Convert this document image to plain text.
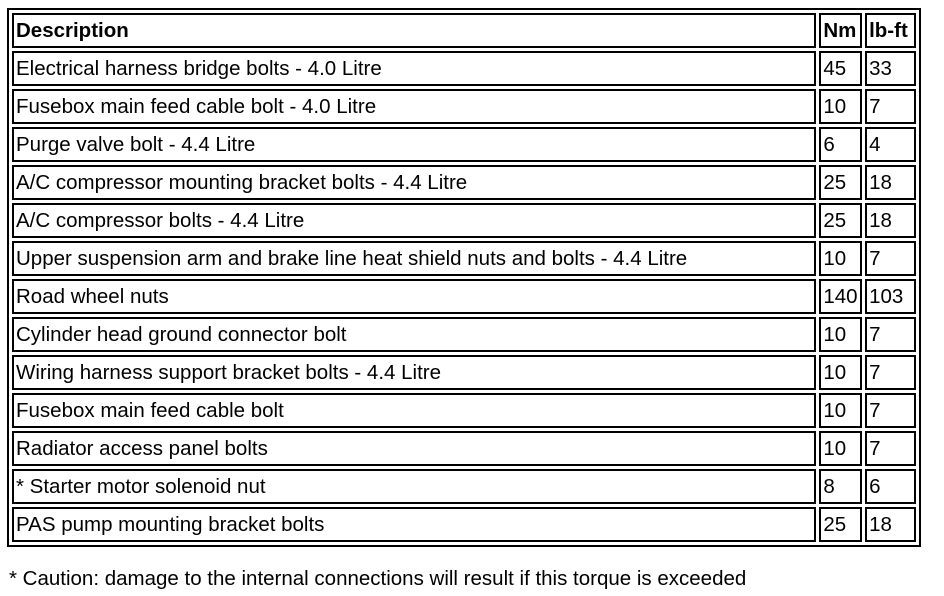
Description	Nm	lb-ft
Electrical harness bridge bolts - 4.0 Litre	45	33
Fusebox main feed cable bolt - 4.0 Litre	10	7
Purge valve bolt - 4.4 Litre	6	4
A/C compressor mounting bracket bolts - 4.4 Litre	25	18
A/C compressor bolts - 4.4 Litre	25	18
Upper suspension arm and brake line heat shield nuts and bolts - 4.4 Litre	10	7
Road wheel nuts	140	103
Cylinder head ground connector bolt	10	7
Wiring harness support bracket bolts - 4.4 Litre	10	7
Fusebox main feed cable bolt	10	7
Radiator access panel bolts	10	7
* Starter motor solenoid nut	8	6
PAS pump mounting bracket bolts	25	18
* Caution: damage to the internal connections will result if this torque is exceeded
